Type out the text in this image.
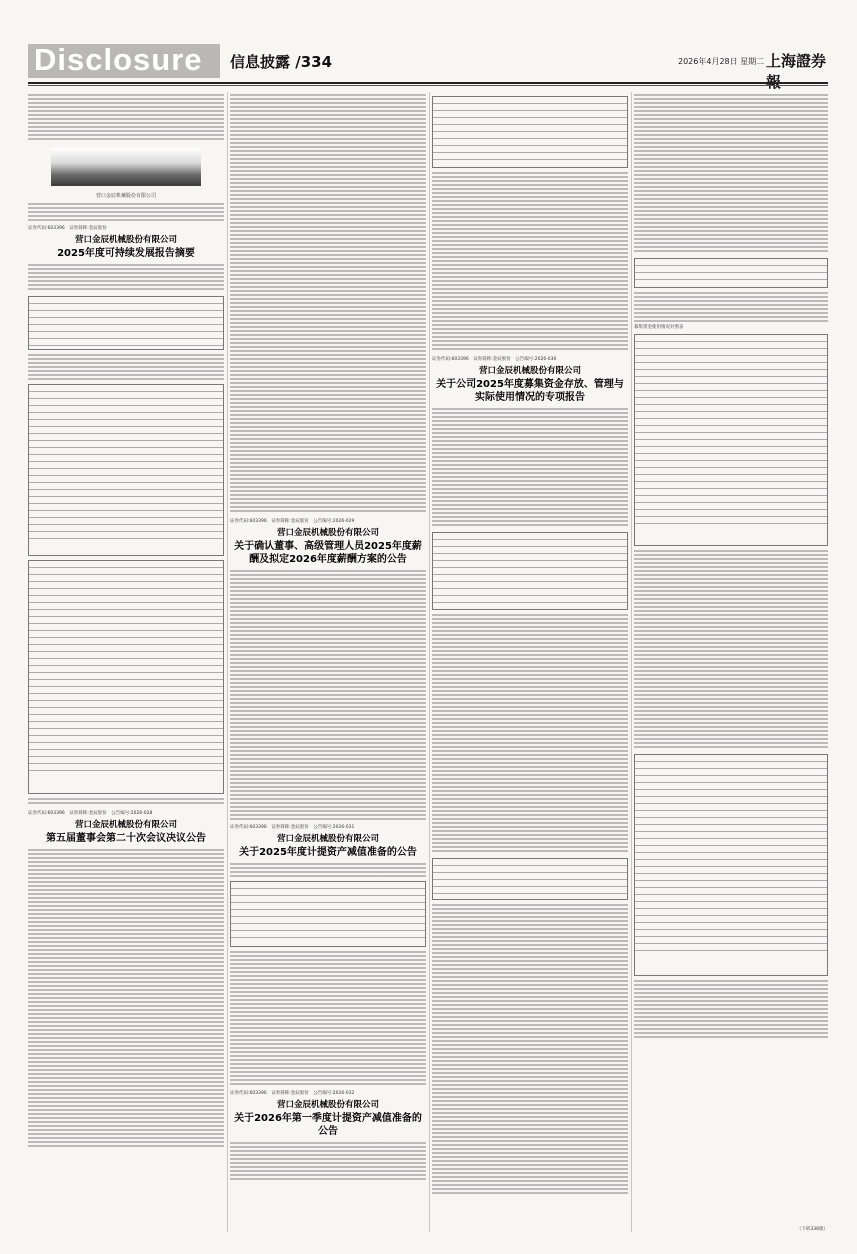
Disclosure 信息披露 /334	2026年4月28日 星期二 上海證券
营口金辰机械股份有限公司
证券代码:603396　证券简称:金辰股份
营口金辰机械股份有限公司
2025年度可持续发展报告摘要
证券代码:603396　证券简称:金辰股份　公告编号:2026-028
营口金辰机械股份有限公司
第五届董事会第二十次会议决议公告
证券代码:603396　证券简称:金辰股份　公告编号:2026-029
营口金辰机械股份有限公司
关于确认董事、高级管理人员2025年度薪酬及拟定2026年度薪酬方案的公告
证券代码:603396　证券简称:金辰股份　公告编号:2026-031
营口金辰机械股份有限公司
关于2025年度计提资产减值准备的公告
证券代码:603396　证券简称:金辰股份　公告编号:2026-032
营口金辰机械股份有限公司
关于2026年第一季度计提资产减值准备的公告
证券代码:603396　证券简称:金辰股份　公告编号:2026-030
营口金辰机械股份有限公司
关于公司2025年度募集资金存放、管理与实际使用情况的专项报告
募集资金使用情况对照表
（下转336版）
